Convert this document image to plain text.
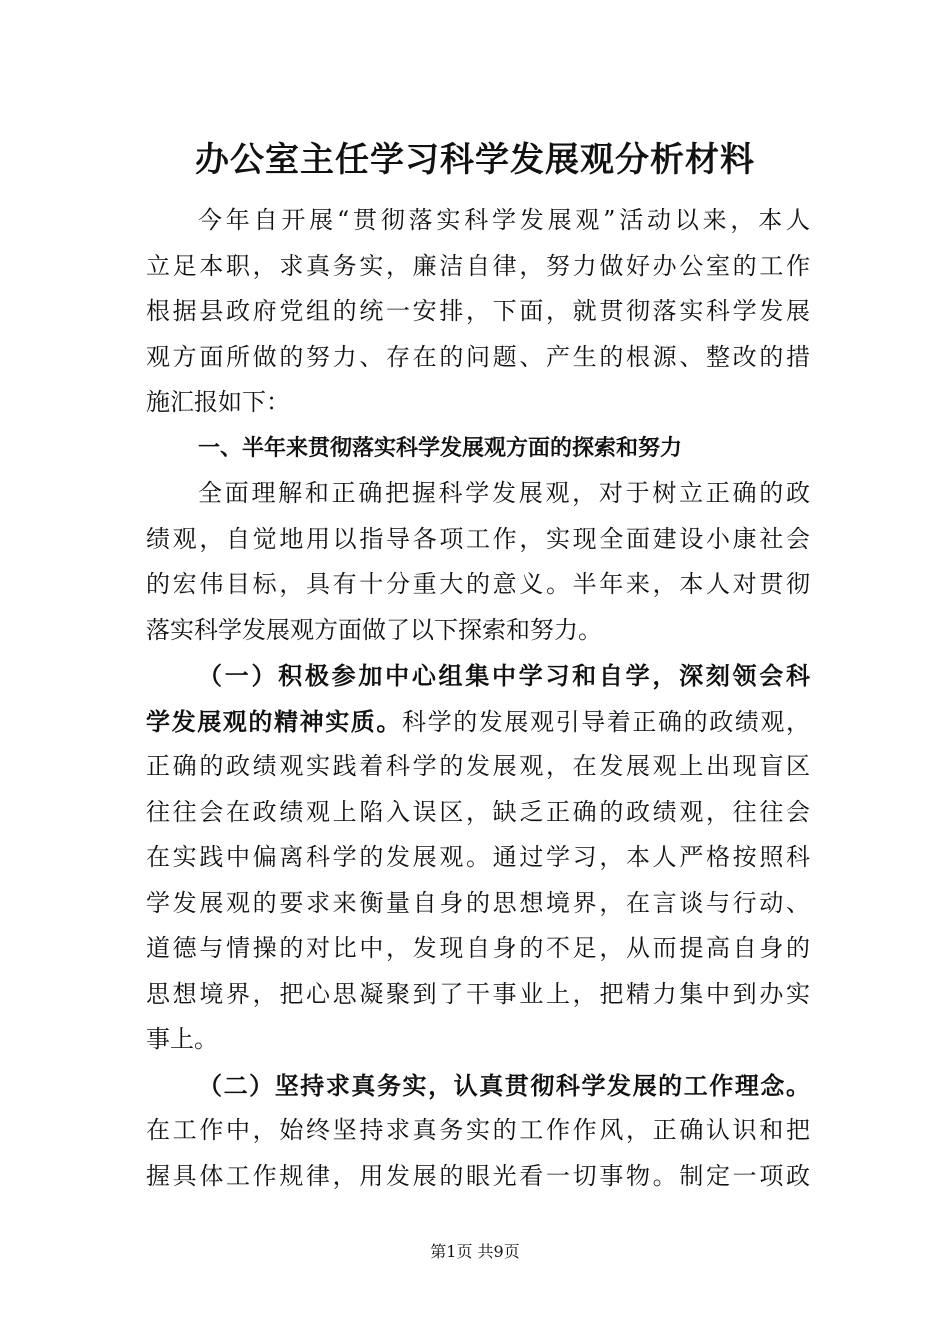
办公室主任学习科学发展观分析材料
今年自开展“贯彻落实科学发展观”活动以来，本人
立足本职，求真务实，廉洁自律，努力做好办公室的工作
根据县政府党组的统一安排，下面，就贯彻落实科学发展
观方面所做的努力、存在的问题、产生的根源、整改的措
施汇报如下：
一、半年来贯彻落实科学发展观方面的探索和努力
全面理解和正确把握科学发展观，对于树立正确的政
绩观，自觉地用以指导各项工作，实现全面建设小康社会
的宏伟目标，具有十分重大的意义。半年来，本人对贯彻
落实科学发展观方面做了以下探索和努力。
（一）积极参加中心组集中学习和自学，深刻领会科
学发展观的精神实质。科学的发展观引导着正确的政绩观，
正确的政绩观实践着科学的发展观，在发展观上出现盲区
往往会在政绩观上陷入误区，缺乏正确的政绩观，往往会
在实践中偏离科学的发展观。通过学习，本人严格按照科
学发展观的要求来衡量自身的思想境界，在言谈与行动、
道德与情操的对比中，发现自身的不足，从而提高自身的
思想境界，把心思凝聚到了干事业上，把精力集中到办实
事上。
（二）坚持求真务实，认真贯彻科学发展的工作理念。
在工作中，始终坚持求真务实的工作作风，正确认识和把
握具体工作规律，用发展的眼光看一切事物。制定一项政
第1页 共9页
